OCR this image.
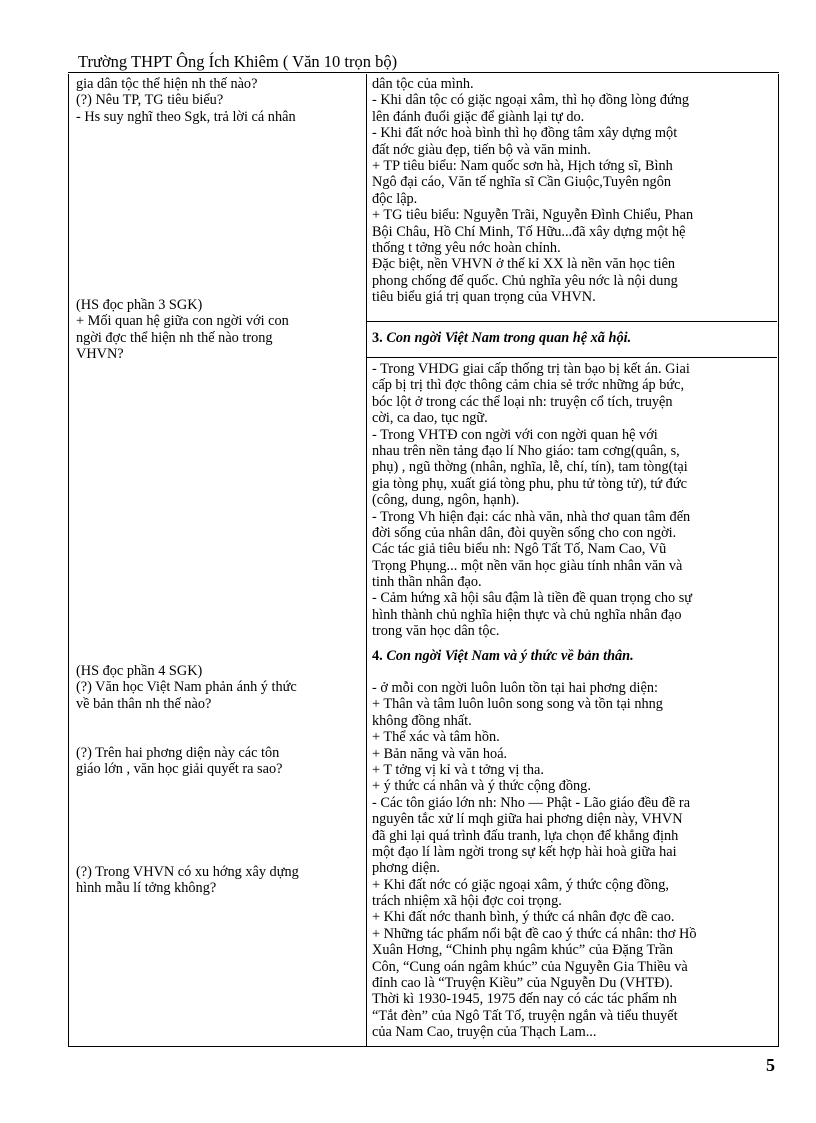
Trường THPT Ông Ích Khiêm ( Văn 10 trọn bộ)
gia dân tộc thể hiện nh thế nào?
(?) Nêu TP, TG tiêu biểu?
- Hs suy nghĩ theo Sgk, trả lời cá nhân
(HS đọc phần 3 SGK)
+ Mối quan hệ giữa con ngời với con
ngời đợc thể hiện nh thế nào trong
VHVN?
(HS đọc phần 4 SGK)
(?) Văn học Việt Nam phản ánh ý thức
về bản thân nh thế nào?
(?) Trên hai phơng diện này các tôn
giáo lớn , văn học giải quyết ra sao?
(?) Trong VHVN có xu hớng xây dựng
hình mẫu lí tởng không?
dân tộc của mình.
- Khi dân tộc có giặc ngoại xâm, thì họ đồng lòng đứng
lên đánh đuổi giặc để giành lại tự do.
- Khi đất nớc hoà bình thì họ đồng tâm xây dựng một
đất nớc giàu đẹp, tiến bộ và văn minh.
+ TP tiêu biểu: Nam quốc sơn hà, Hịch tớng sĩ, Bình
Ngô đại cáo, Văn tế nghĩa sĩ Cần Giuộc,Tuyên ngôn
độc lập.
+ TG tiêu biểu: Nguyễn Trãi, Nguyễn Đình Chiểu, Phan
Bội Châu, Hồ Chí Minh, Tố Hữu...đã xây dựng một hệ
thống t tởng yêu nớc hoàn chỉnh.
Đặc biệt, nền VHVN ở thế kỉ XX là nền văn học tiên
phong chống đế quốc. Chủ nghĩa yêu nớc là nội dung
tiêu biểu giá trị quan trọng của VHVN.
3. Con ngời Việt Nam trong quan hệ xã hội.
- Trong VHDG giai cấp thống trị tàn bạo bị kết án. Giai
cấp bị trị thì đợc thông cảm chia sẻ trớc những áp bức,
bóc lột ở trong các thể loại nh: truyện cổ tích, truyện
cời, ca dao, tục ngữ.
- Trong VHTĐ con ngời với con ngời quan hệ với
nhau trên nền tảng đạo lí Nho giáo: tam cơng(quân, s,
phụ) , ngũ thờng (nhân, nghĩa, lễ, chí, tín), tam tòng(tại
gia tòng phụ, xuất giá tòng phu, phu tử tòng tử), tứ đức
(công, dung, ngôn, hạnh).
- Trong Vh hiện đại: các nhà văn, nhà thơ quan tâm đến
đời sống của nhân dân, đòi quyền sống cho con ngời.
Các tác giả tiêu biểu nh: Ngô Tất Tố, Nam Cao, Vũ
Trọng Phụng... một nền văn học giàu tính nhân văn và
tinh thần nhân đạo.
- Cảm hứng xã hội sâu đậm là tiền đề quan trọng cho sự
hình thành chủ nghĩa hiện thực và chủ nghĩa nhân đạo
trong văn học dân tộc.
4. Con ngời Việt Nam và ý thức về bản thân.
- ở mỗi con ngời luôn luôn tồn tại hai phơng diện:
+ Thân và tâm luôn luôn song song và tồn tại nhng
không đồng nhất.
+ Thể xác và tâm hồn.
+ Bản năng và văn hoá.
+ T tởng vị kỉ và t tởng vị tha.
+ ý thức cá nhân và ý thức cộng đồng.
- Các tôn giáo lớn nh: Nho — Phật - Lão giáo đều đề ra
nguyên tắc xử lí mqh giữa hai phơng diện này, VHVN
đã ghi lại quá trình đấu tranh, lựa chọn để khẳng định
một đạo lí làm ngời trong sự kết hợp hài hoà giữa hai
phơng diện.
+ Khi đất nớc có giặc ngoại xâm, ý thức cộng đồng,
trách nhiệm xã hội đợc coi trọng.
+ Khi đất nớc thanh bình, ý thức cá nhân đợc đề cao.
+ Những tác phẩm nổi bật đề cao ý thức cá nhân: thơ Hồ
Xuân Hơng, “Chinh phụ ngâm khúc” của Đặng Trần
Côn, “Cung oán ngâm khúc” của Nguyễn Gia Thiều và
đỉnh cao là “Truyện Kiều” của Nguyễn Du (VHTĐ).
Thời kì 1930-1945, 1975 đến nay có các tác phẩm nh
“Tắt đèn” của Ngô Tất Tố, truyện ngắn và tiểu thuyết
của Nam Cao, truyện của Thạch Lam...
5
